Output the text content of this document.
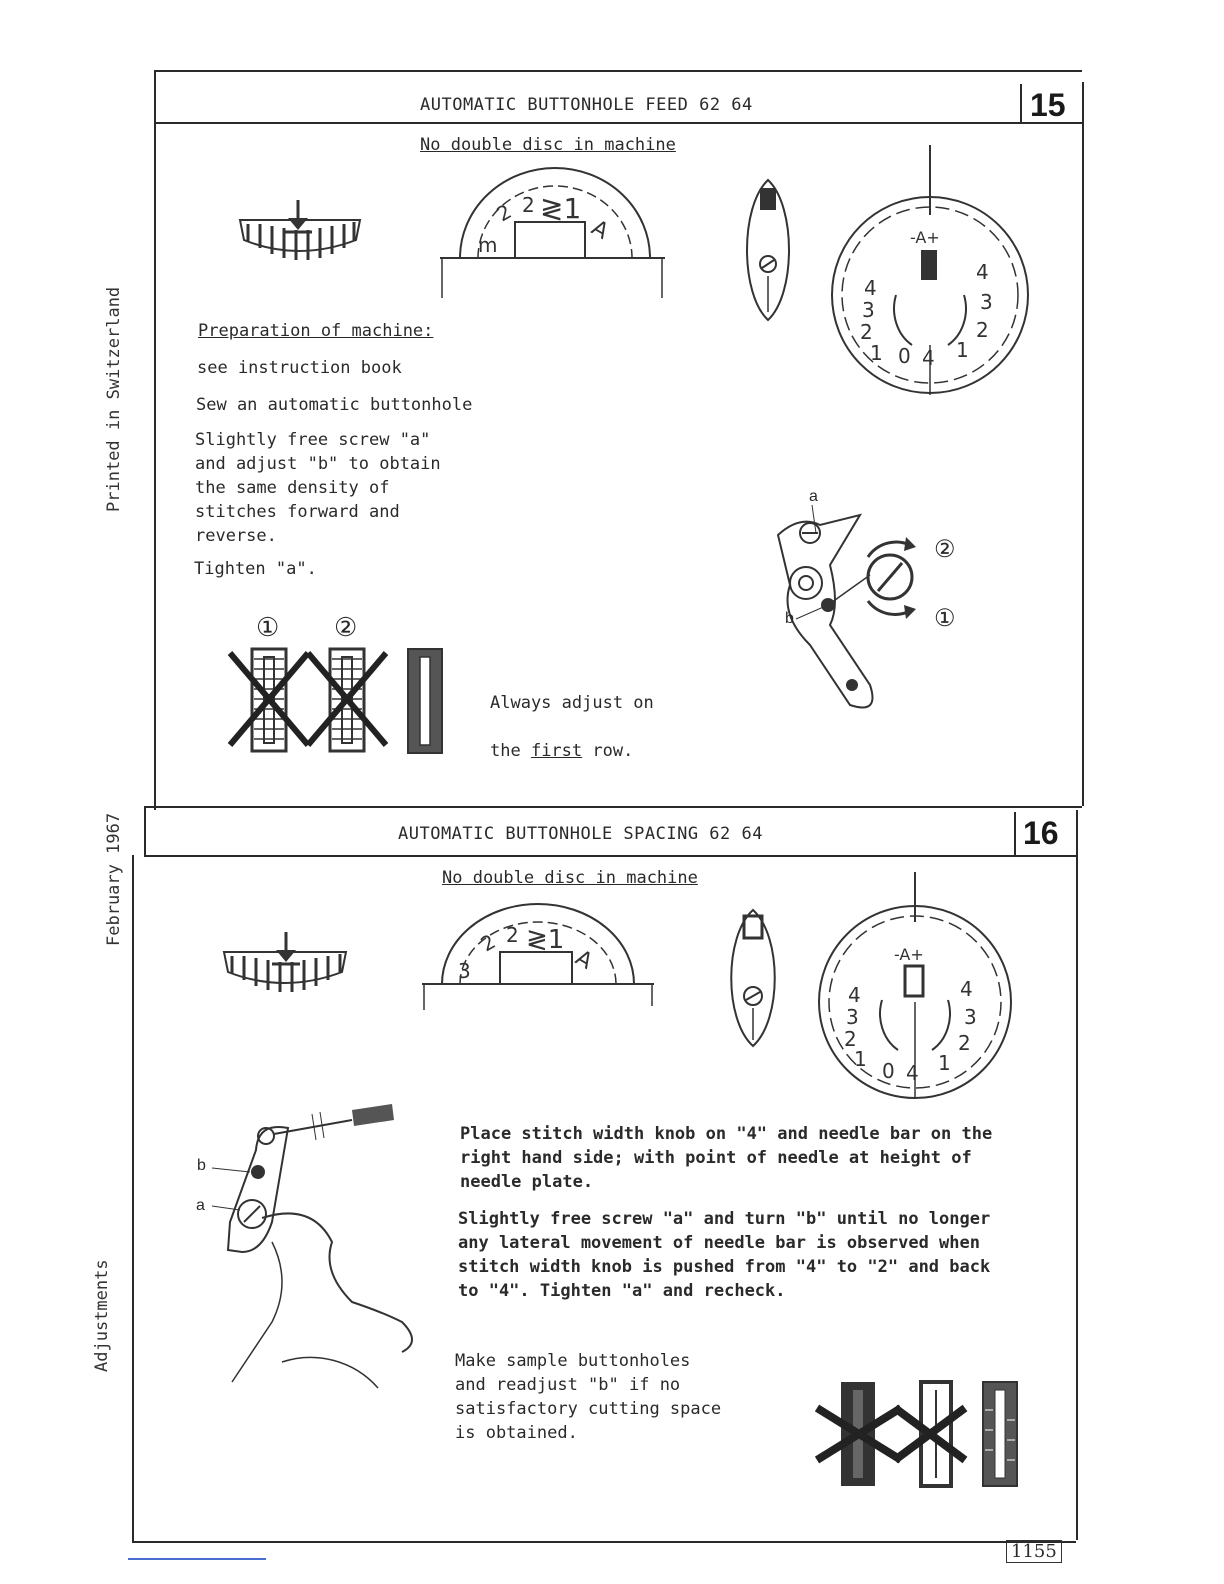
Printed in Switzerland
February 1967
Adjustments
AUTOMATIC BUTTONHOLE FEED 62 64	15
No double disc in machine
m
2 2 ≷1
A	-A+
4
3
2
1 0 4
4
3
2
1
Preparation of machine:
see instruction book
Sew an automatic buttonhole
Slightly free screw "a"
and adjust "b" to obtain
the same density of
stitches forward and
reverse.
Tighten "a".
a
b
②
①
① ②

Always adjust on

the first row.

AUTOMATIC BUTTONHOLE SPACING 62 64	16
No double disc in machine
3
2 2 ≷1
A	-A+
4
3
2
1 0 4
4
3
2
1
b
a
Place stitch width knob on "4" and needle bar on the
right hand side; with point of needle at height of
needle plate.
Slightly free screw "a" and turn "b" until no longer
any lateral movement of needle bar is observed when
stitch width knob is pushed from "4" to "2" and back
to "4". Tighten "a" and recheck.
Make sample buttonholes
and readjust "b" if no
satisfactory cutting space
is obtained.
1155
